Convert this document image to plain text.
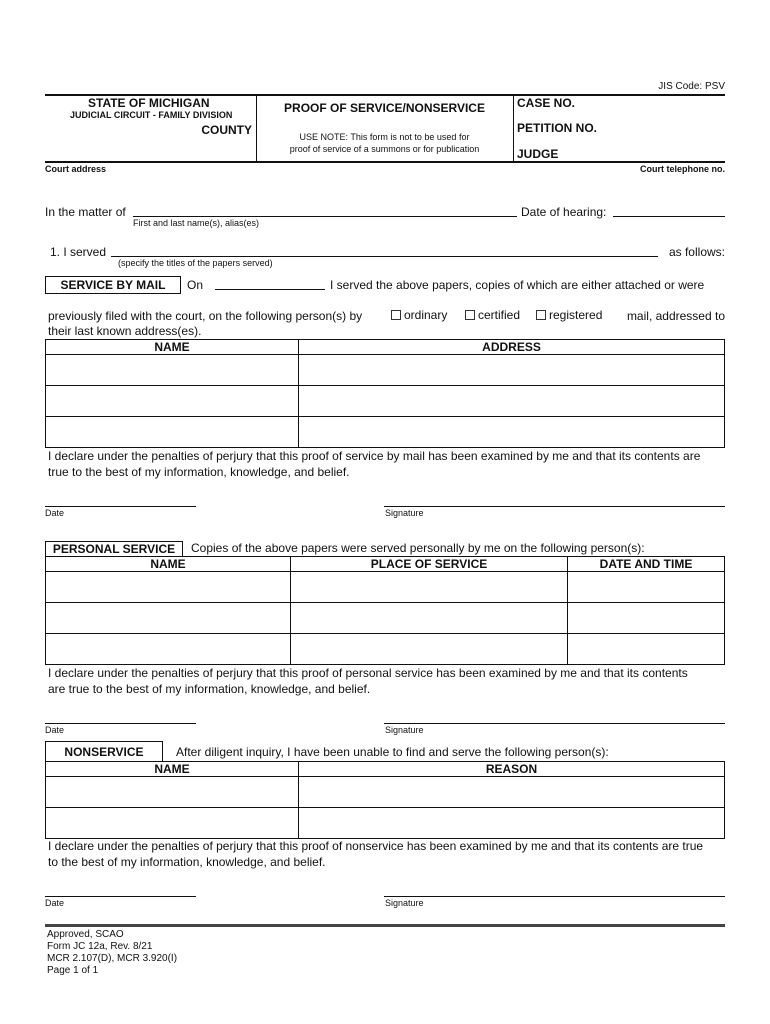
JIS Code: PSV
STATE OF MICHIGAN
JUDICIAL CIRCUIT - FAMILY DIVISION
COUNTY
PROOF OF SERVICE/NONSERVICE
USE NOTE: This form is not to be used for
proof of service of a summons or for publication
CASE NO.
PETITION NO.
JUDGE
Court address	Court telephone no.
In the matter of
First and last name(s), alias(es)
Date of hearing:
1. I served	as follows:
(specify the titles of the papers served)
SERVICE BY MAIL	On	I served the above papers, copies of which are either attached or were
previously filed with the court, on the following person(s) by	ordinary	certified	registered mail, addressed to
their last known address(es).
NAME	ADDRESS

I declare under the penalties of perjury that this proof of service by mail has been examined by me and that its contents are
true to the best of my information, knowledge, and belief.
Date	Signature
PERSONAL SERVICE	Copies of the above papers were served personally by me on the following person(s):
NAME	PLACE OF SERVICE	DATE AND TIME

I declare under the penalties of perjury that this proof of personal service has been examined by me and that its contents
are true to the best of my information, knowledge, and belief.
Date	Signature
NONSERVICE	After diligent inquiry, I have been unable to find and serve the following person(s):
NAME	REASON

I declare under the penalties of perjury that this proof of nonservice has been examined by me and that its contents are true
to the best of my information, knowledge, and belief.
Date	Signature
Approved, SCAO
Form JC 12a, Rev. 8/21
MCR 2.107(D), MCR 3.920(I)
Page 1 of 1
